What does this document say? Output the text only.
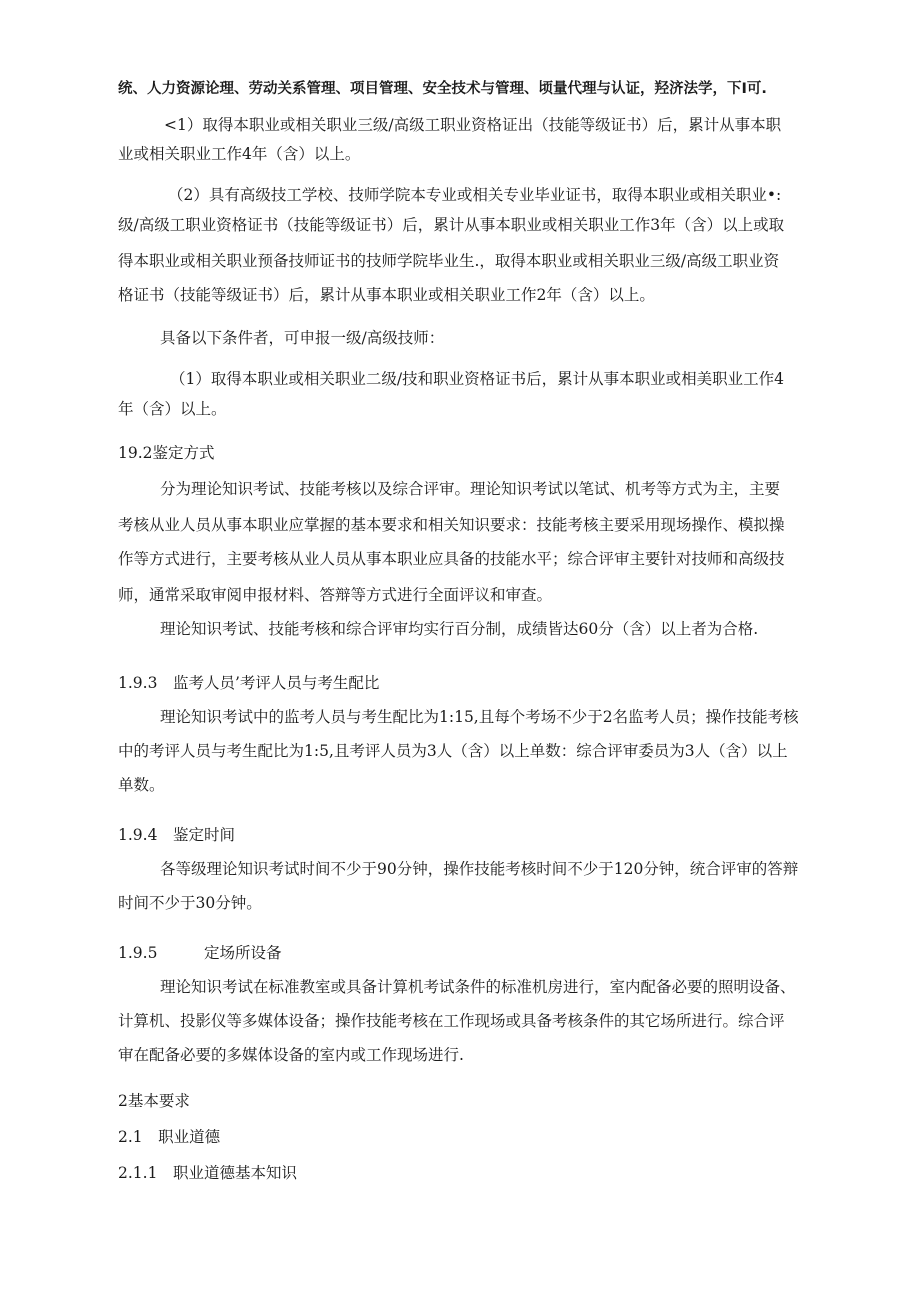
统、人力资源论理、劳动关系管理、项目管理、安全技术与管理、顷量代理与认证，羟济法学，下I可.
<1）取得本职业或相关职业三级/高级工职业资格证出（技能等级证书）后，累计从事本职
业或相关职业工作4年（含）以上。
（2）具有高级技工学校、技师学院本专业或相关专业毕业证书，取得本职业或相关职业•:
级/高级工职业资格证书（技能等级证书）后，累计从事本职业或相关职业工作3年（含）以上或取
得本职业或相关职业预备技师证书的技师学院毕业生.，取得本职业或相关职业三级/高级工职业资
格证书（技能等级证书）后，累计从事本职业或相关职业工作2年（含）以上。
具备以下条件者，可申报一级/高级技师：
（1）取得本职业或相关职业二级/技和职业资格证书后，累计从事本职业或相美职业工作4
年（含）以上。
19.2鉴定方式
分为理论知识考试、技能考核以及综合评审。理论知识考试以笔试、机考等方式为主，主要
考核从业人员从事本职业应掌握的基本要求和相关知识要求：技能考核主要采用现场操作、模拟操
作等方式进行，主要考核从业人员从事本职业应具备的技能水平；综合评审主要针对技师和高级技
师，通常采取审阅申报材料、答辩等方式进行全面评议和审查。
理论知识考试、技能考核和综合评审均实行百分制，成绩皆达60分（含）以上者为合格.
1.9.3　监考人员’考评人员与考生配比
理论知识考试中的监考人员与考生配比为1:15,且每个考场不少于2名监考人员；操作技能考核
中的考评人员与考生配比为1:5,且考评人员为3人（含）以上单数：综合评审委员为3人（含）以上
单数。
1.9.4　鉴定时间
各等级理论知识考试时间不少于90分钟，操作技能考核时间不少于120分钟，统合评审的答辩
时间不少于30分钟。
1.9.5　　　定场所设备
理论知识考试在标准教室或具备计算机考试条件的标准机房进行，室内配备必要的照明设备、
计算机、投影仪等多媒体设备；操作技能考核在工作现场或具备考核条件的其它场所进行。综合评
审在配备必要的多媒体设备的室内或工作现场进行.
2基本要求
2.1　职业道德
2.1.1　职业道德基本知识
